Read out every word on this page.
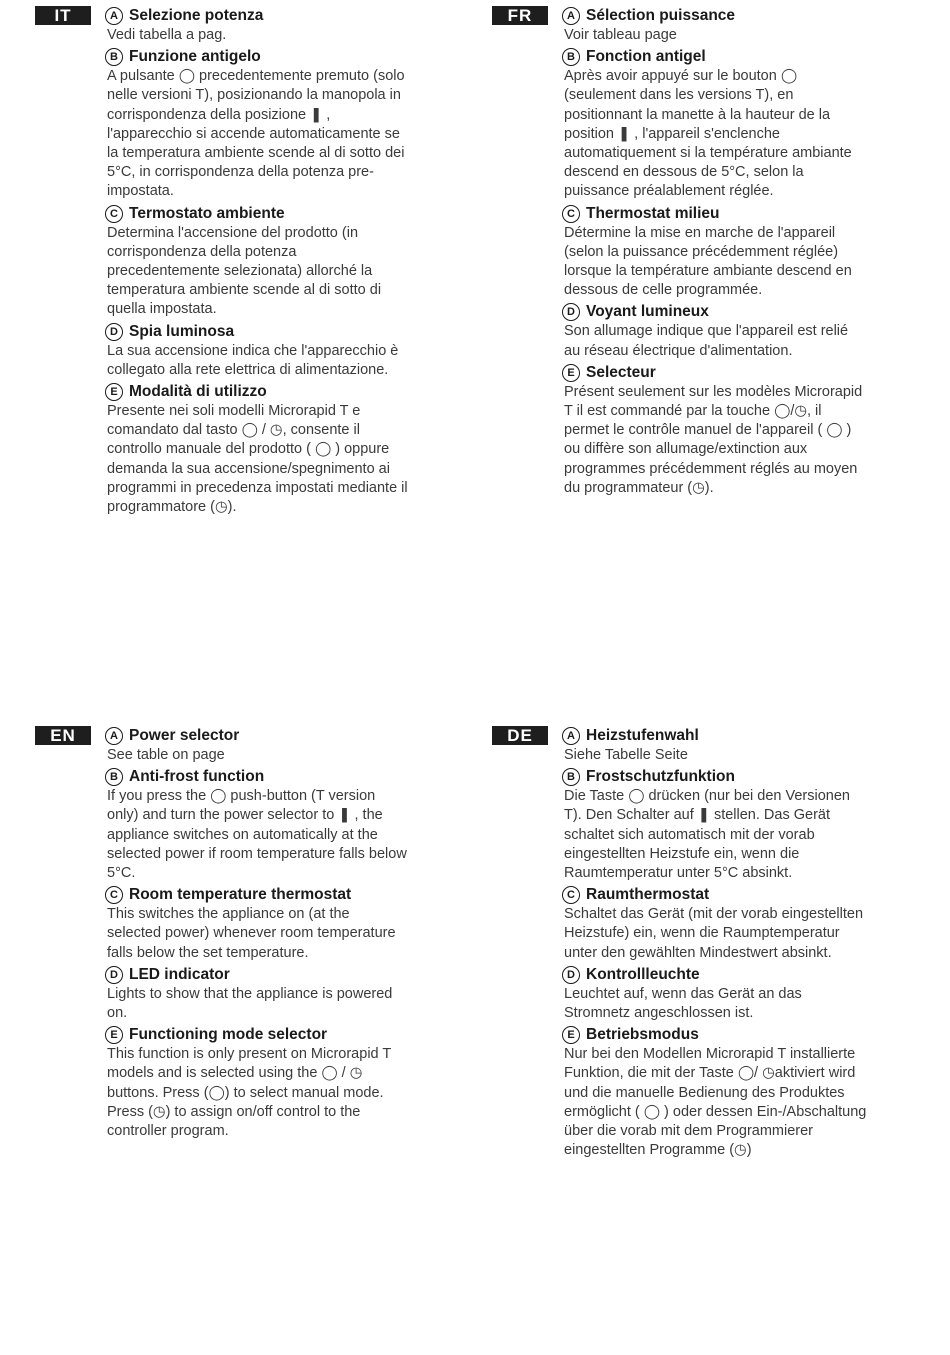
IT	A Selezione potenza
Vedi tabella a pag.
B Funzione antigelo
A pulsante ◯ precedentemente premuto (solo
nelle versioni T), posizionando la manopola in
corrispondenza della posizione ❚ ,
l'apparecchio si accende automaticamente se
la temperatura ambiente scende al di sotto dei
5°C, in corrispondenza della potenza pre-
impostata.
C Termostato ambiente
Determina l'accensione del prodotto (in
corrispondenza della potenza
precedentemente selezionata) allorché la
temperatura ambiente scende al di sotto di
quella impostata.
D Spia luminosa
La sua accensione indica che l'apparecchio è
collegato alla rete elettrica di alimentazione.
E Modalità di utilizzo
Presente nei soli modelli Microrapid T e
comandato dal tasto ◯ / ◷, consente il
controllo manuale del prodotto ( ◯ ) oppure
demanda la sua accensione/spegnimento ai
programmi in precedenza impostati mediante il
programmatore (◷).
FR	A Sélection puissance
Voir tableau page
B Fonction antigel
Après avoir appuyé sur le bouton ◯
(seulement dans les versions T), en
positionnant la manette à la hauteur de la
position ❚ , l'appareil s'enclenche
automatiquement si la température ambiante
descend en dessous de 5°C, selon la
puissance préalablement réglée.
C Thermostat milieu
Détermine la mise en marche de l'appareil
(selon la puissance précédemment réglée)
lorsque la température ambiante descend en
dessous de celle programmée.
D Voyant lumineux
Son allumage indique que l'appareil est relié
au réseau électrique d'alimentation.
E Selecteur
Présent seulement sur les modèles Microrapid
T il est commandé par la touche ◯/◷, il
permet le contrôle manuel de l'appareil ( ◯ )
ou diffère son allumage/extinction aux
programmes précédemment réglés au moyen
du programmateur (◷).
EN	A Power selector
See table on page
B Anti-frost function
If you press the ◯ push-button (T version
only) and turn the power selector to ❚ , the
appliance switches on automatically at the
selected power if room temperature falls below
5°C.
C Room temperature thermostat
This switches the appliance on (at the
selected power) whenever room temperature
falls below the set temperature.
D LED indicator
Lights to show that the appliance is powered
on.
E Functioning mode selector
This function is only present on Microrapid T
models and is selected using the ◯ / ◷
buttons. Press (◯) to select manual mode.
Press (◷) to assign on/off control to the
controller program.
DE	A Heizstufenwahl
Siehe Tabelle Seite
B Frostschutzfunktion
Die Taste ◯ drücken (nur bei den Versionen
T). Den Schalter auf ❚ stellen. Das Gerät
schaltet sich automatisch mit der vorab
eingestellten Heizstufe ein, wenn die
Raumtemperatur unter 5°C absinkt.
C Raumthermostat
Schaltet das Gerät (mit der vorab eingestellten
Heizstufe) ein, wenn die Raumptemperatur
unter den gewählten Mindestwert absinkt.
D Kontrollleuchte
Leuchtet auf, wenn das Gerät an das
Stromnetz angeschlossen ist.
E Betriebsmodus
Nur bei den Modellen Microrapid T installierte
Funktion, die mit der Taste ◯/ ◷aktiviert wird
und die manuelle Bedienung des Produktes
ermöglicht ( ◯ ) oder dessen Ein-/Abschaltung
über die vorab mit dem Programmierer
eingestellten Programme (◷)
